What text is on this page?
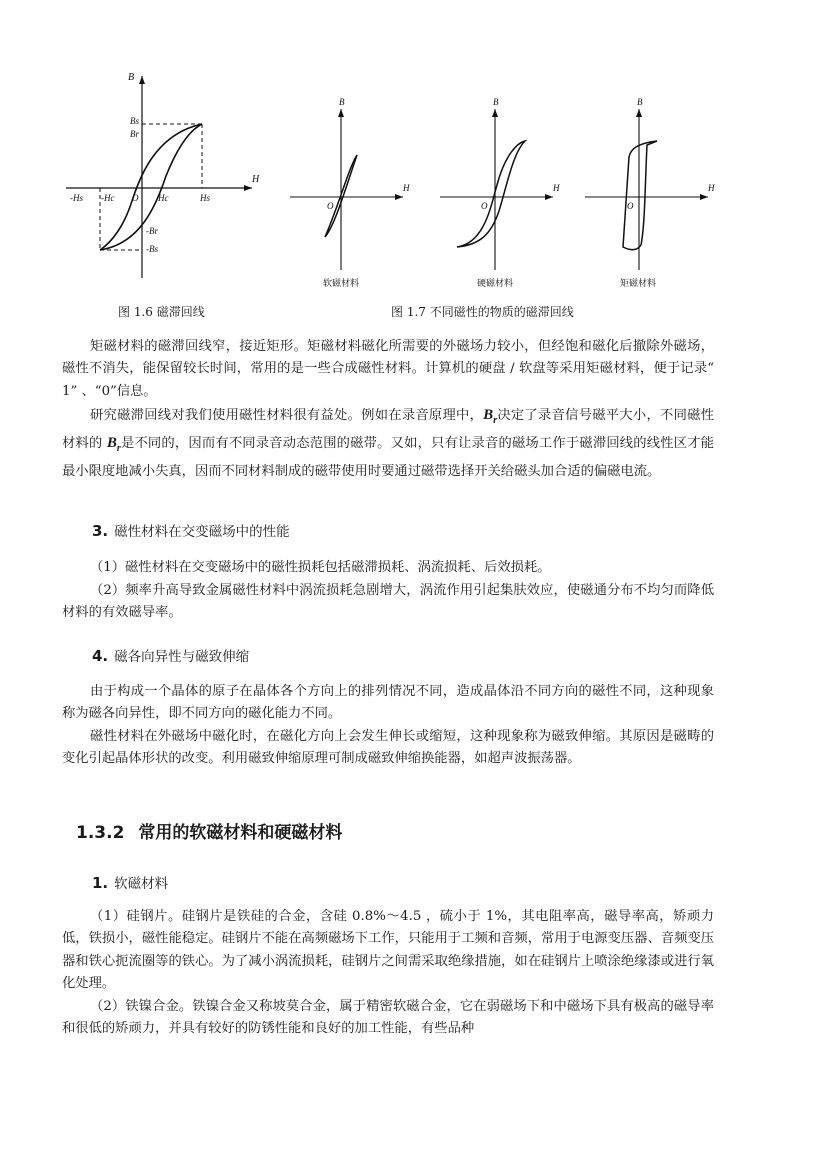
B
H
Bs
Br
-Hs -Hc O Hc	Hs
-Br
-Bs
图 1.6 磁滞回线
B
H
O
软磁材料
B
H
O
硬磁材料
B
H
O
矩磁材料
图 1.7 不同磁性的物质的磁滞回线

矩磁材料的磁滞回线窄，接近矩形。矩磁材料磁化所需要的外磁场力较小，但经饱和磁化后撤除外磁场，磁性不消失，能保留较长时间，常用的是一些合成磁性材料。计算机的硬盘 / 软盘等采用矩磁材料，便于记录“ 1” 、“0”信息。

研究磁滞回线对我们使用磁性材料很有益处。例如在录音原理中，$B_r$决定了录音信号磁平大小，不同磁性材料的 $B_r$是不同的，因而有不同录音动态范围的磁带。又如，只有让录音的磁场工作于磁滞回线的线性区才能最小限度地减小失真，因而不同材料制成的磁带使用时要通过磁带选择开关给磁头加合适的偏磁电流。

3. 磁性材料在交变磁场中的性能

（1）磁性材料在交变磁场中的磁性损耗包括磁滞损耗、涡流损耗、后效损耗。

（2）频率升高导致金属磁性材料中涡流损耗急剧增大，涡流作用引起集肤效应，使磁通分布不均匀而降低材料的有效磁导率。

4. 磁各向异性与磁致伸缩

由于构成一个晶体的原子在晶体各个方向上的排列情况不同，造成晶体沿不同方向的磁性不同，这种现象称为磁各向异性，即不同方向的磁化能力不同。

磁性材料在外磁场中磁化时，在磁化方向上会发生伸长或缩短，这种现象称为磁致伸缩。其原因是磁畴的变化引起晶体形状的改变。利用磁致伸缩原理可制成磁致伸缩换能器，如超声波振荡器。

1.3.2 常用的软磁材料和硬磁材料
1. 软磁材料

（1）硅钢片。硅钢片是铁硅的合金，含硅 0.8%～4.5 ，硫小于 1%，其电阻率高，磁导率高，矫顽力低，铁损小，磁性能稳定。硅钢片不能在高频磁场下工作，只能用于工频和音频，常用于电源变压器、音频变压器和铁心扼流圈等的铁心。为了减小涡流损耗，硅钢片之间需采取绝缘措施，如在硅钢片上喷涂绝缘漆或进行氧化处理。

（2）铁镍合金。铁镍合金又称坡莫合金，属于精密软磁合金，它在弱磁场下和中磁场下具有极高的磁导率和很低的矫顽力，并具有较好的防锈性能和良好的加工性能，有些品种
